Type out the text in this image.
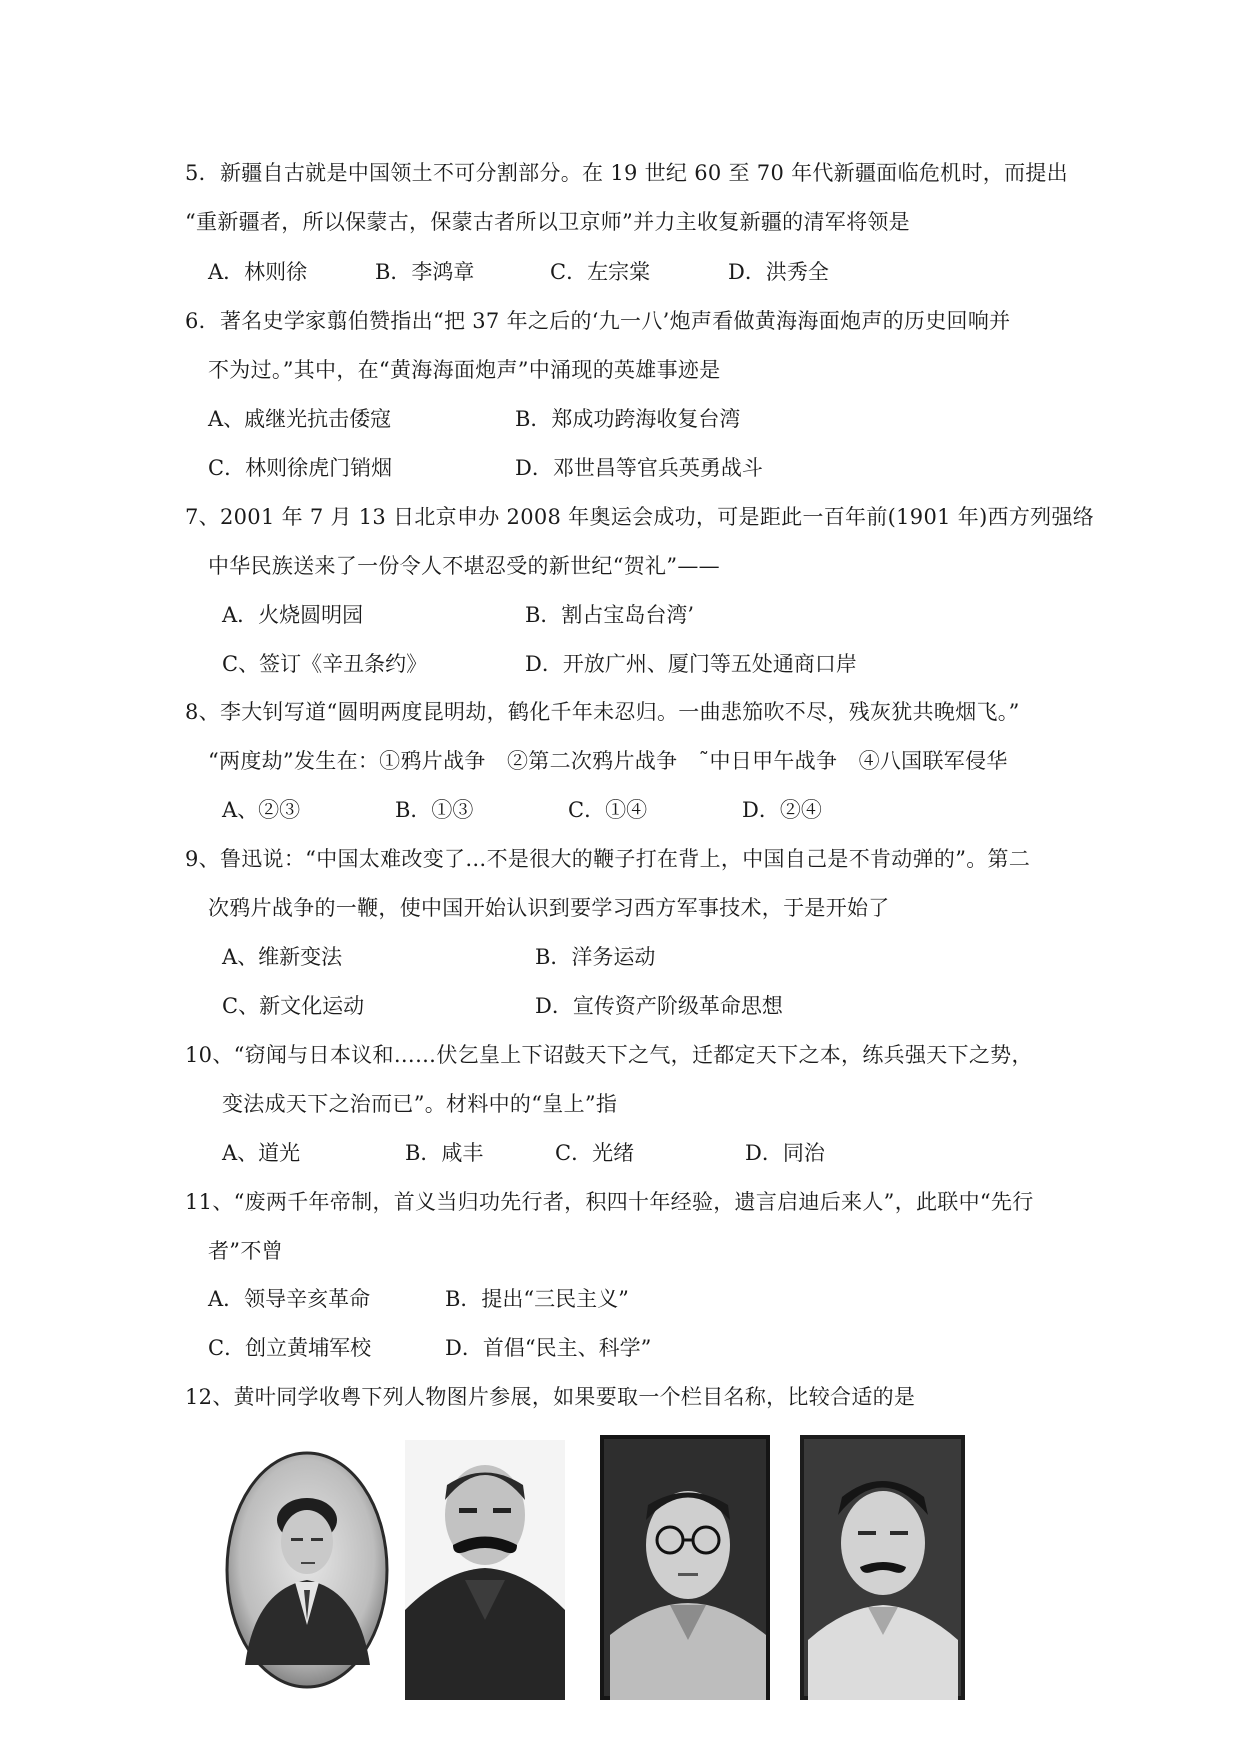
5．新疆自古就是中国领土不可分割部分。在 19 世纪 60 至 70 年代新疆面临危机时，而提出
“重新疆者，所以保蒙古，保蒙古者所以卫京师”并力主收复新疆的清军将领是
A．林则徐	B．李鸿章	C．左宗棠	D．洪秀全
6．著名史学家翦伯赞指出“把 37 年之后的‘九一八’炮声看做黄海海面炮声的历史回响并
不为过。”其中，在“黄海海面炮声”中涌现的英雄事迹是
A、戚继光抗击倭寇	B．郑成功跨海收复台湾
C．林则徐虎门销烟	D．邓世昌等官兵英勇战斗
7、2001 年 7 月 13 日北京申办 2008 年奥运会成功，可是距此一百年前(1901 年)西方列强络
中华民族送来了一份令人不堪忍受的新世纪“贺礼”——
A．火烧圆明园	B．割占宝岛台湾’
C、签订《辛丑条约》	D．开放广州、厦门等五处通商口岸
8、李大钊写道“圆明两度昆明劫，鹤化千年未忍归。一曲悲笳吹不尽，残灰犹共晚烟飞。”
“两度劫”发生在：①鸦片战争　②第二次鸦片战争　˜中日甲午战争　④八国联军侵华
A、②③	B．①③	C．①④	D．②④
9、鲁迅说：“中国太难改变了…不是很大的鞭子打在背上，中国自己是不肯动弹的”。第二
次鸦片战争的一鞭，使中国开始认识到要学习西方军事技术，于是开始了
A、维新变法	B．洋务运动
C、新文化运动	D．宣传资产阶级革命思想
10、“窃闻与日本议和……伏乞皇上下诏鼓天下之气，迁都定天下之本，练兵强天下之势，
变法成天下之治而已”。材料中的“皇上”指
A、道光	B．咸丰	C．光绪	D．同治
11、“废两千年帝制，首义当归功先行者，积四十年经验，遗言启迪后来人”，此联中“先行
者”不曾
A．领导辛亥革命	B．提出“三民主义”
C．创立黄埔军校	D．首倡“民主、科学”
12、黄叶同学收粤下列人物图片参展，如果要取一个栏目名称，比较合适的是
